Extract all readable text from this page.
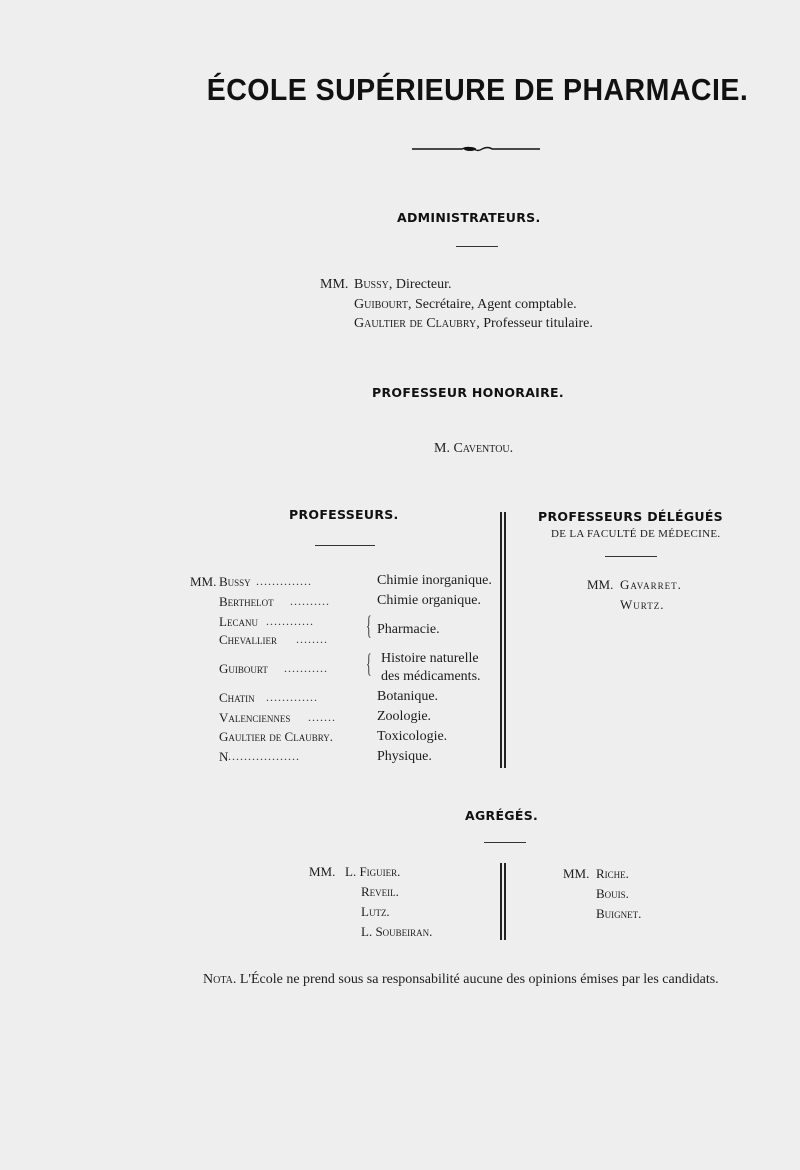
ÉCOLE SUPÉRIEURE DE PHARMACIE.
ADMINISTRATEURS.
MM. Bussy, Directeur.
Guibourt, Secrétaire, Agent comptable.
Gaultier de Claubry, Professeur titulaire.
PROFESSEUR HONORAIRE.
M. Caventou.
PROFESSEURS.
MM. Bussy ..............	Chimie inorganique.
Berthelot ..........	Chimie organique.
Lecanu ............
Chevallier ........ { Pharmacie.
Guibourt ........... { Histoire naturelle
des médicaments.
Chatin .............	Botanique.
Valenciennes .......	Zoologie.
Gaultier de Claubry.	Toxicologie.
N ..................	Physique.
PROFESSEURS DÉLÉGUÉS
DE LA FACULTÉ DE MÉDECINE.
MM. Gavarret.
Wurtz.
AGRÉGÉS.
MM. L. Figuier.
Reveil.
Lutz.
L. Soubeiran.
MM. Riche.
Bouis.
Buignet.
Nota. L'École ne prend sous sa responsabilité aucune des opinions émises par les candidats.
